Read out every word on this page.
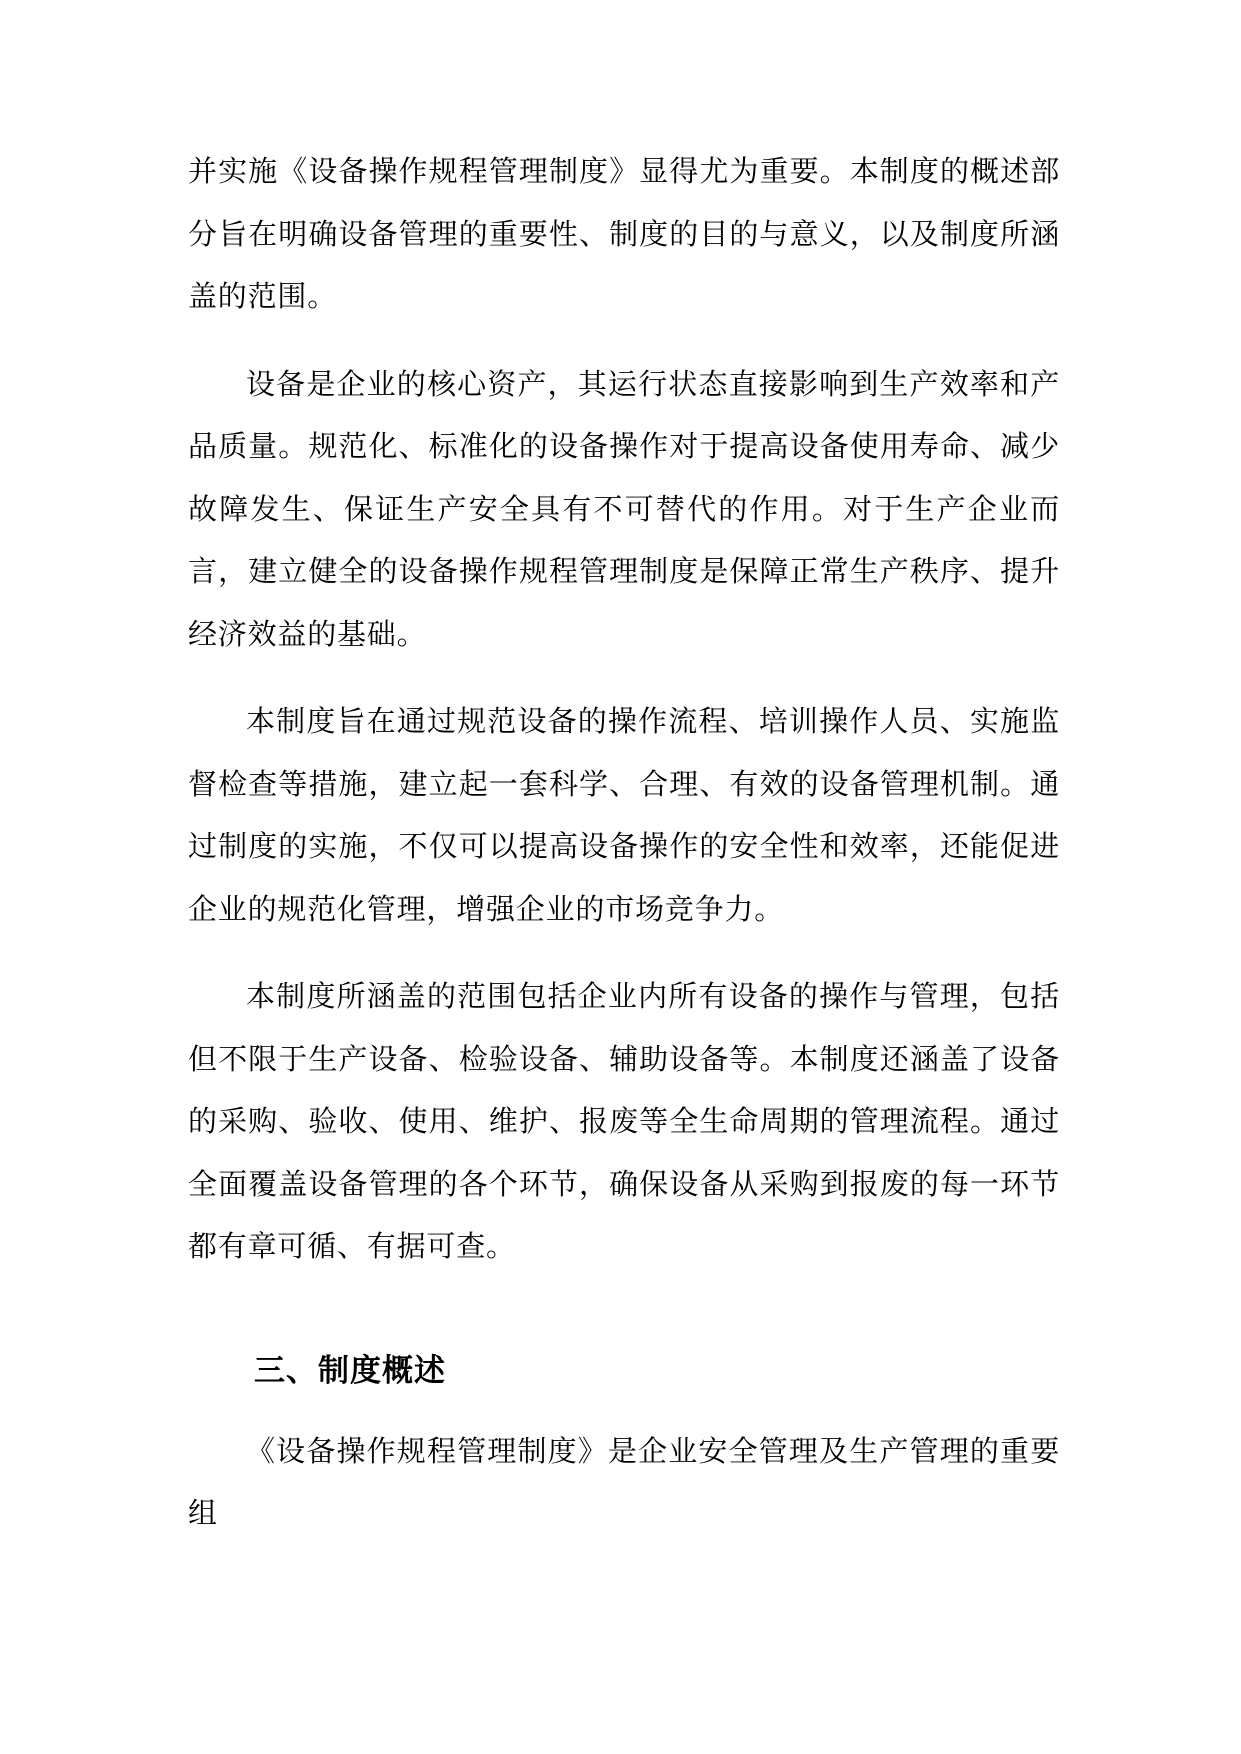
并实施《设备操作规程管理制度》显得尤为重要。本制度的概述部分旨在明确设备管理的重要性、制度的目的与意义，以及制度所涵盖的范围。

设备是企业的核心资产，其运行状态直接影响到生产效率和产品质量。规范化、标准化的设备操作对于提高设备使用寿命、减少故障发生、保证生产安全具有不可替代的作用。对于生产企业而言，建立健全的设备操作规程管理制度是保障正常生产秩序、提升经济效益的基础。

本制度旨在通过规范设备的操作流程、培训操作人员、实施监督检查等措施，建立起一套科学、合理、有效的设备管理机制。通过制度的实施，不仅可以提高设备操作的安全性和效率，还能促进企业的规范化管理，增强企业的市场竞争力。

本制度所涵盖的范围包括企业内所有设备的操作与管理，包括但不限于生产设备、检验设备、辅助设备等。本制度还涵盖了设备的采购、验收、使用、维护、报废等全生命周期的管理流程。通过全面覆盖设备管理的各个环节，确保设备从采购到报废的每一环节都有章可循、有据可查。

三、制度概述

《设备操作规程管理制度》是企业安全管理及生产管理的重要组
